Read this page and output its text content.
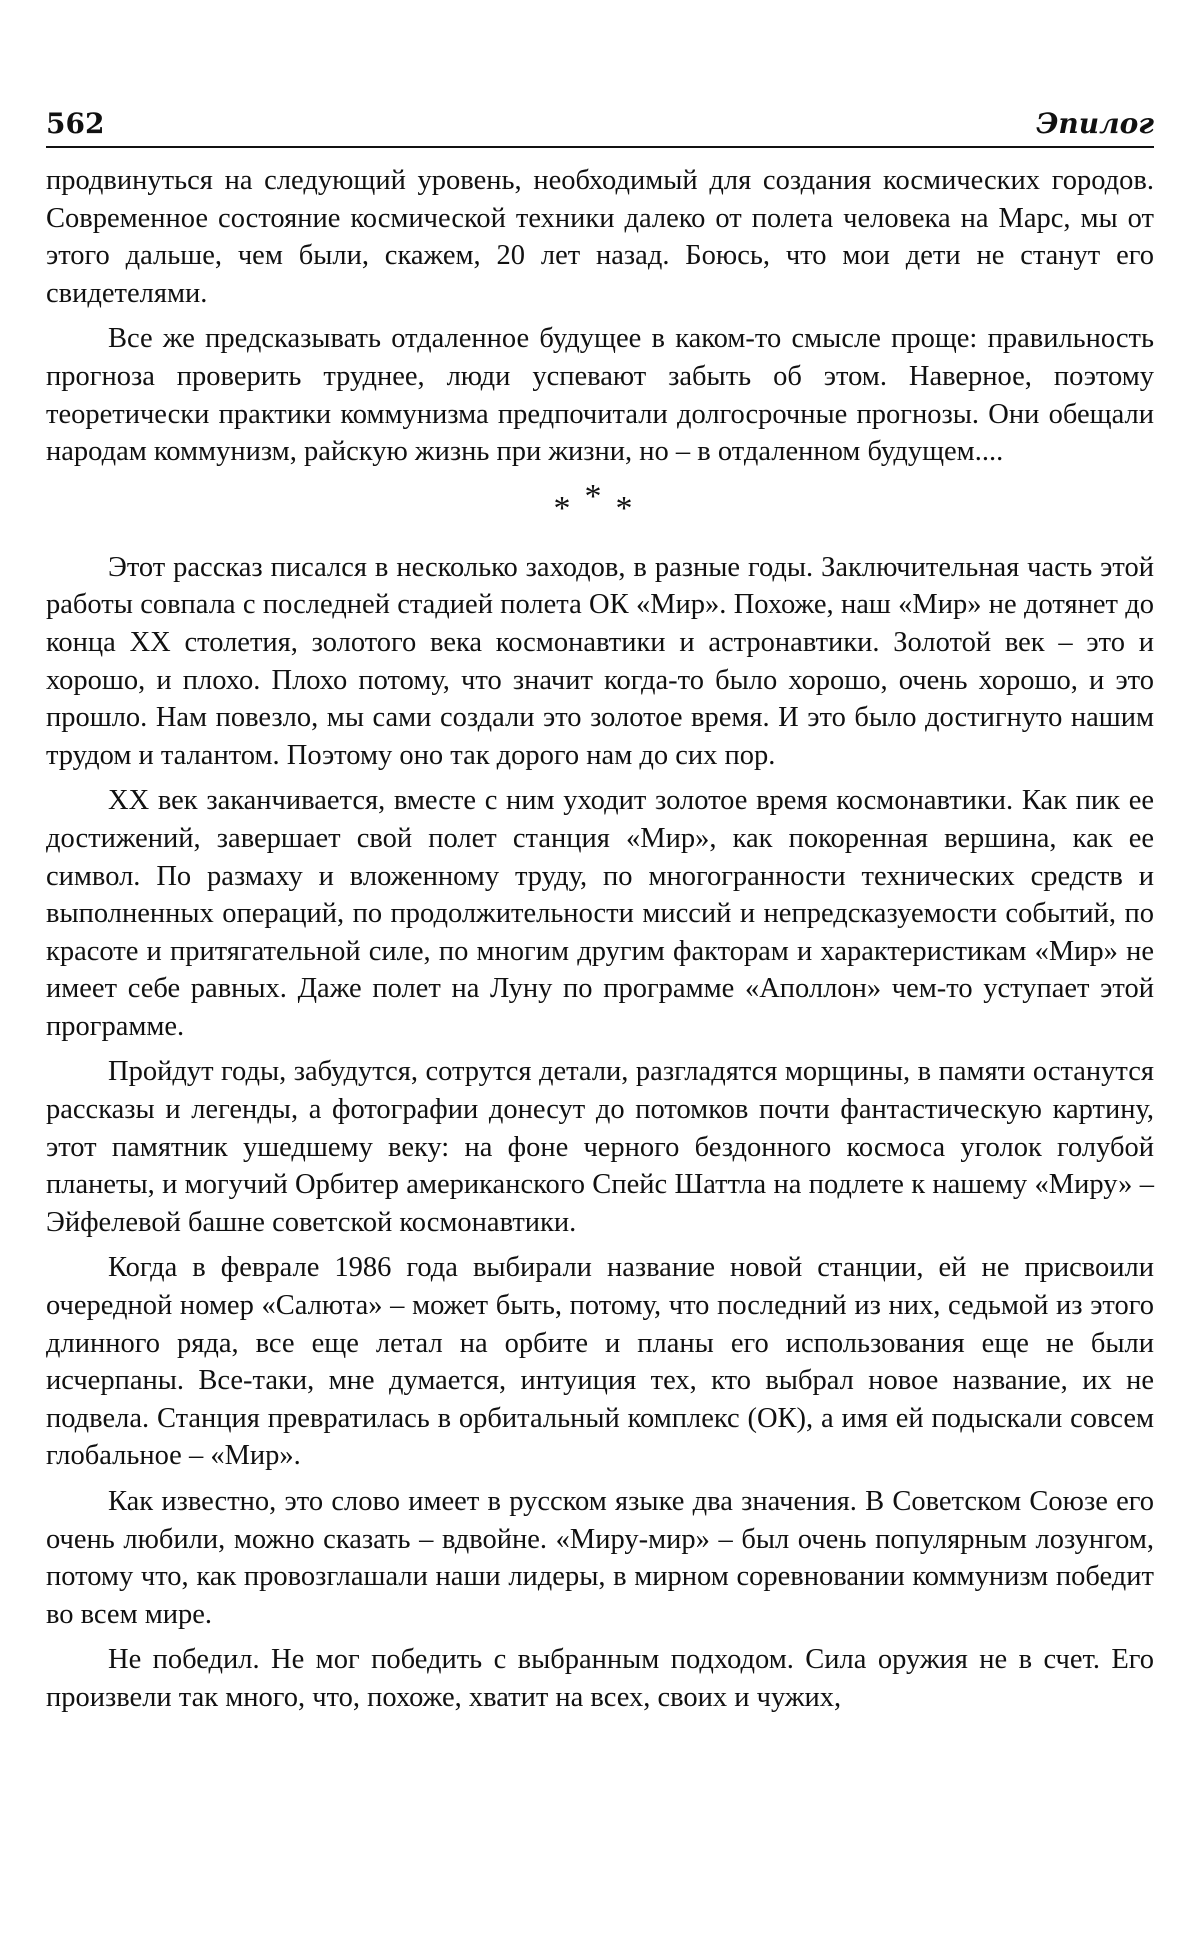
562	Эпилог

продвинуться на следующий уровень, необходимый для создания космических городов. Современное состояние космической техники далеко от полета человека на Марс, мы от этого дальше, чем были, скажем, 20 лет назад. Боюсь, что мои дети не станут его свидетелями.

Все же предсказывать отдаленное будущее в каком-то смысле проще: правильность прогноза проверить труднее, люди успевают забыть об этом. Наверное, поэтому теоретически практики коммунизма предпочитали долгосрочные прогнозы. Они обещали народам коммунизм, райскую жизнь при жизни, но – в отдаленном будущем....

***

Этот рассказ писался в несколько заходов, в разные годы. Заключительная часть этой работы совпала с последней стадией полета ОК «Мир». Похоже, наш «Мир» не дотянет до конца XX столетия, золотого века космонавтики и астронавтики. Золотой век – это и хорошо, и плохо. Плохо потому, что значит когда-то было хорошо, очень хорошо, и это прошло. Нам повезло, мы сами создали это золотое время. И это было достигнуто нашим трудом и талантом. Поэтому оно так дорого нам до сих пор.

XX век заканчивается, вместе с ним уходит золотое время космонавтики. Как пик ее достижений, завершает свой полет станция «Мир», как покоренная вершина, как ее символ. По размаху и вложенному труду, по многогранности технических средств и выполненных операций, по продолжительности миссий и непредсказуемости событий, по красоте и притягательной силе, по многим другим факторам и характеристикам «Мир» не имеет себе равных. Даже полет на Луну по программе «Аполлон» чем-то уступает этой программе.

Пройдут годы, забудутся, сотрутся детали, разгладятся морщины, в памяти останутся рассказы и легенды, а фотографии донесут до потомков почти фантастическую картину, этот памятник ушедшему веку: на фоне черного бездонного космоса уголок голубой планеты, и могучий Орбитер американского Спейс Шаттла на подлете к нашему «Миру» – Эйфелевой башне советской космонавтики.

Когда в феврале 1986 года выбирали название новой станции, ей не присвоили очередной номер «Салюта» – может быть, потому, что последний из них, седьмой из этого длинного ряда, все еще летал на орбите и планы его использования еще не были исчерпаны. Все-таки, мне думается, интуиция тех, кто выбрал новое название, их не подвела. Станция превратилась в орбитальный комплекс (ОК), а имя ей подыскали совсем глобальное – «Мир».

Как известно, это слово имеет в русском языке два значения. В Советском Союзе его очень любили, можно сказать – вдвойне. «Миру-мир» – был очень популярным лозунгом, потому что, как провозглашали наши лидеры, в мирном соревновании коммунизм победит во всем мире.

Не победил. Не мог победить с выбранным подходом. Сила оружия не в счет. Его произвели так много, что, похоже, хватит на всех, своих и чужих,
